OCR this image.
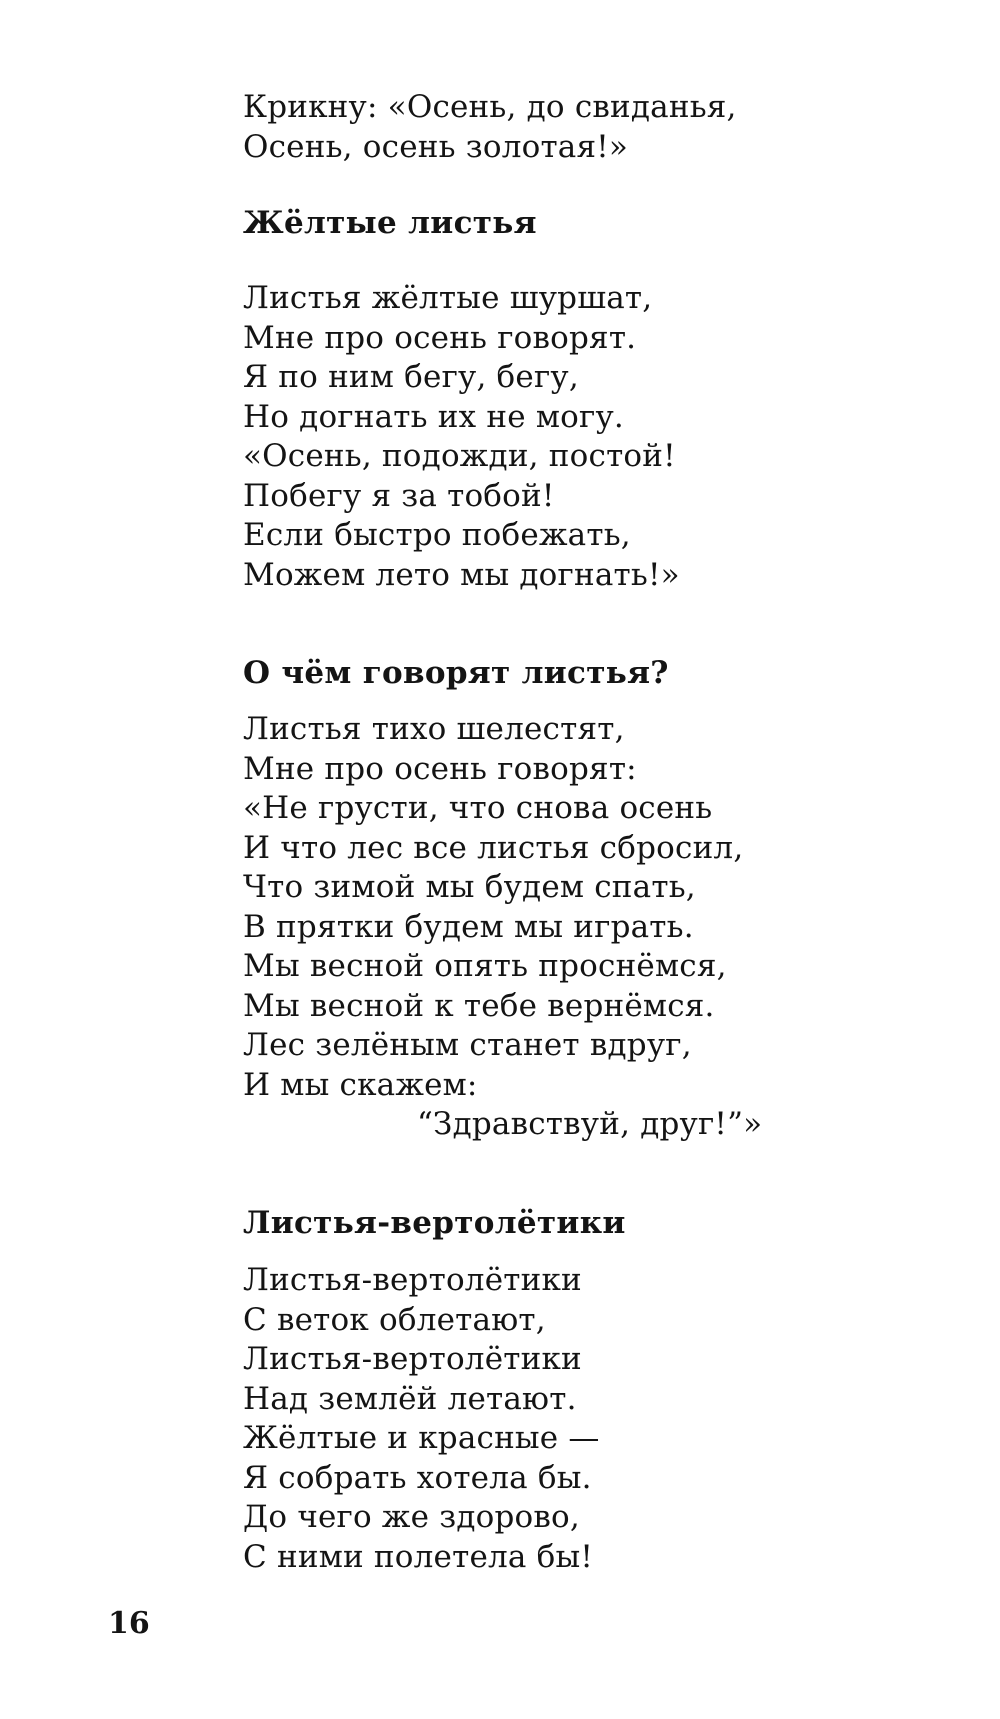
Крикну: «Осень, до свиданья,
Осень, осень золотая!»
Жёлтые листья
Листья жёлтые шуршат,
Мне про осень говорят.
Я по ним бегу, бегу,
Но догнать их не могу.
«Осень, подожди, постой!
Побегу я за тобой!
Если быстро побежать,
Можем лето мы догнать!»
О чём говорят листья?
Листья тихо шелестят,
Мне про осень говорят:
«Не грусти, что снова осень
И что лес все листья сбросил,
Что зимой мы будем спать,
В прятки будем мы играть.
Мы весной опять проснёмся,
Мы весной к тебе вернёмся.
Лес зелёным станет вдруг,
И мы скажем:
“Здравствуй, друг!”»
Листья-вертолётики
Листья-вертолётики
С веток облетают,
Листья-вертолётики
Над землёй летают.
Жёлтые и красные —
Я собрать хотела бы.
До чего же здорово,
С ними полетела бы!
16
